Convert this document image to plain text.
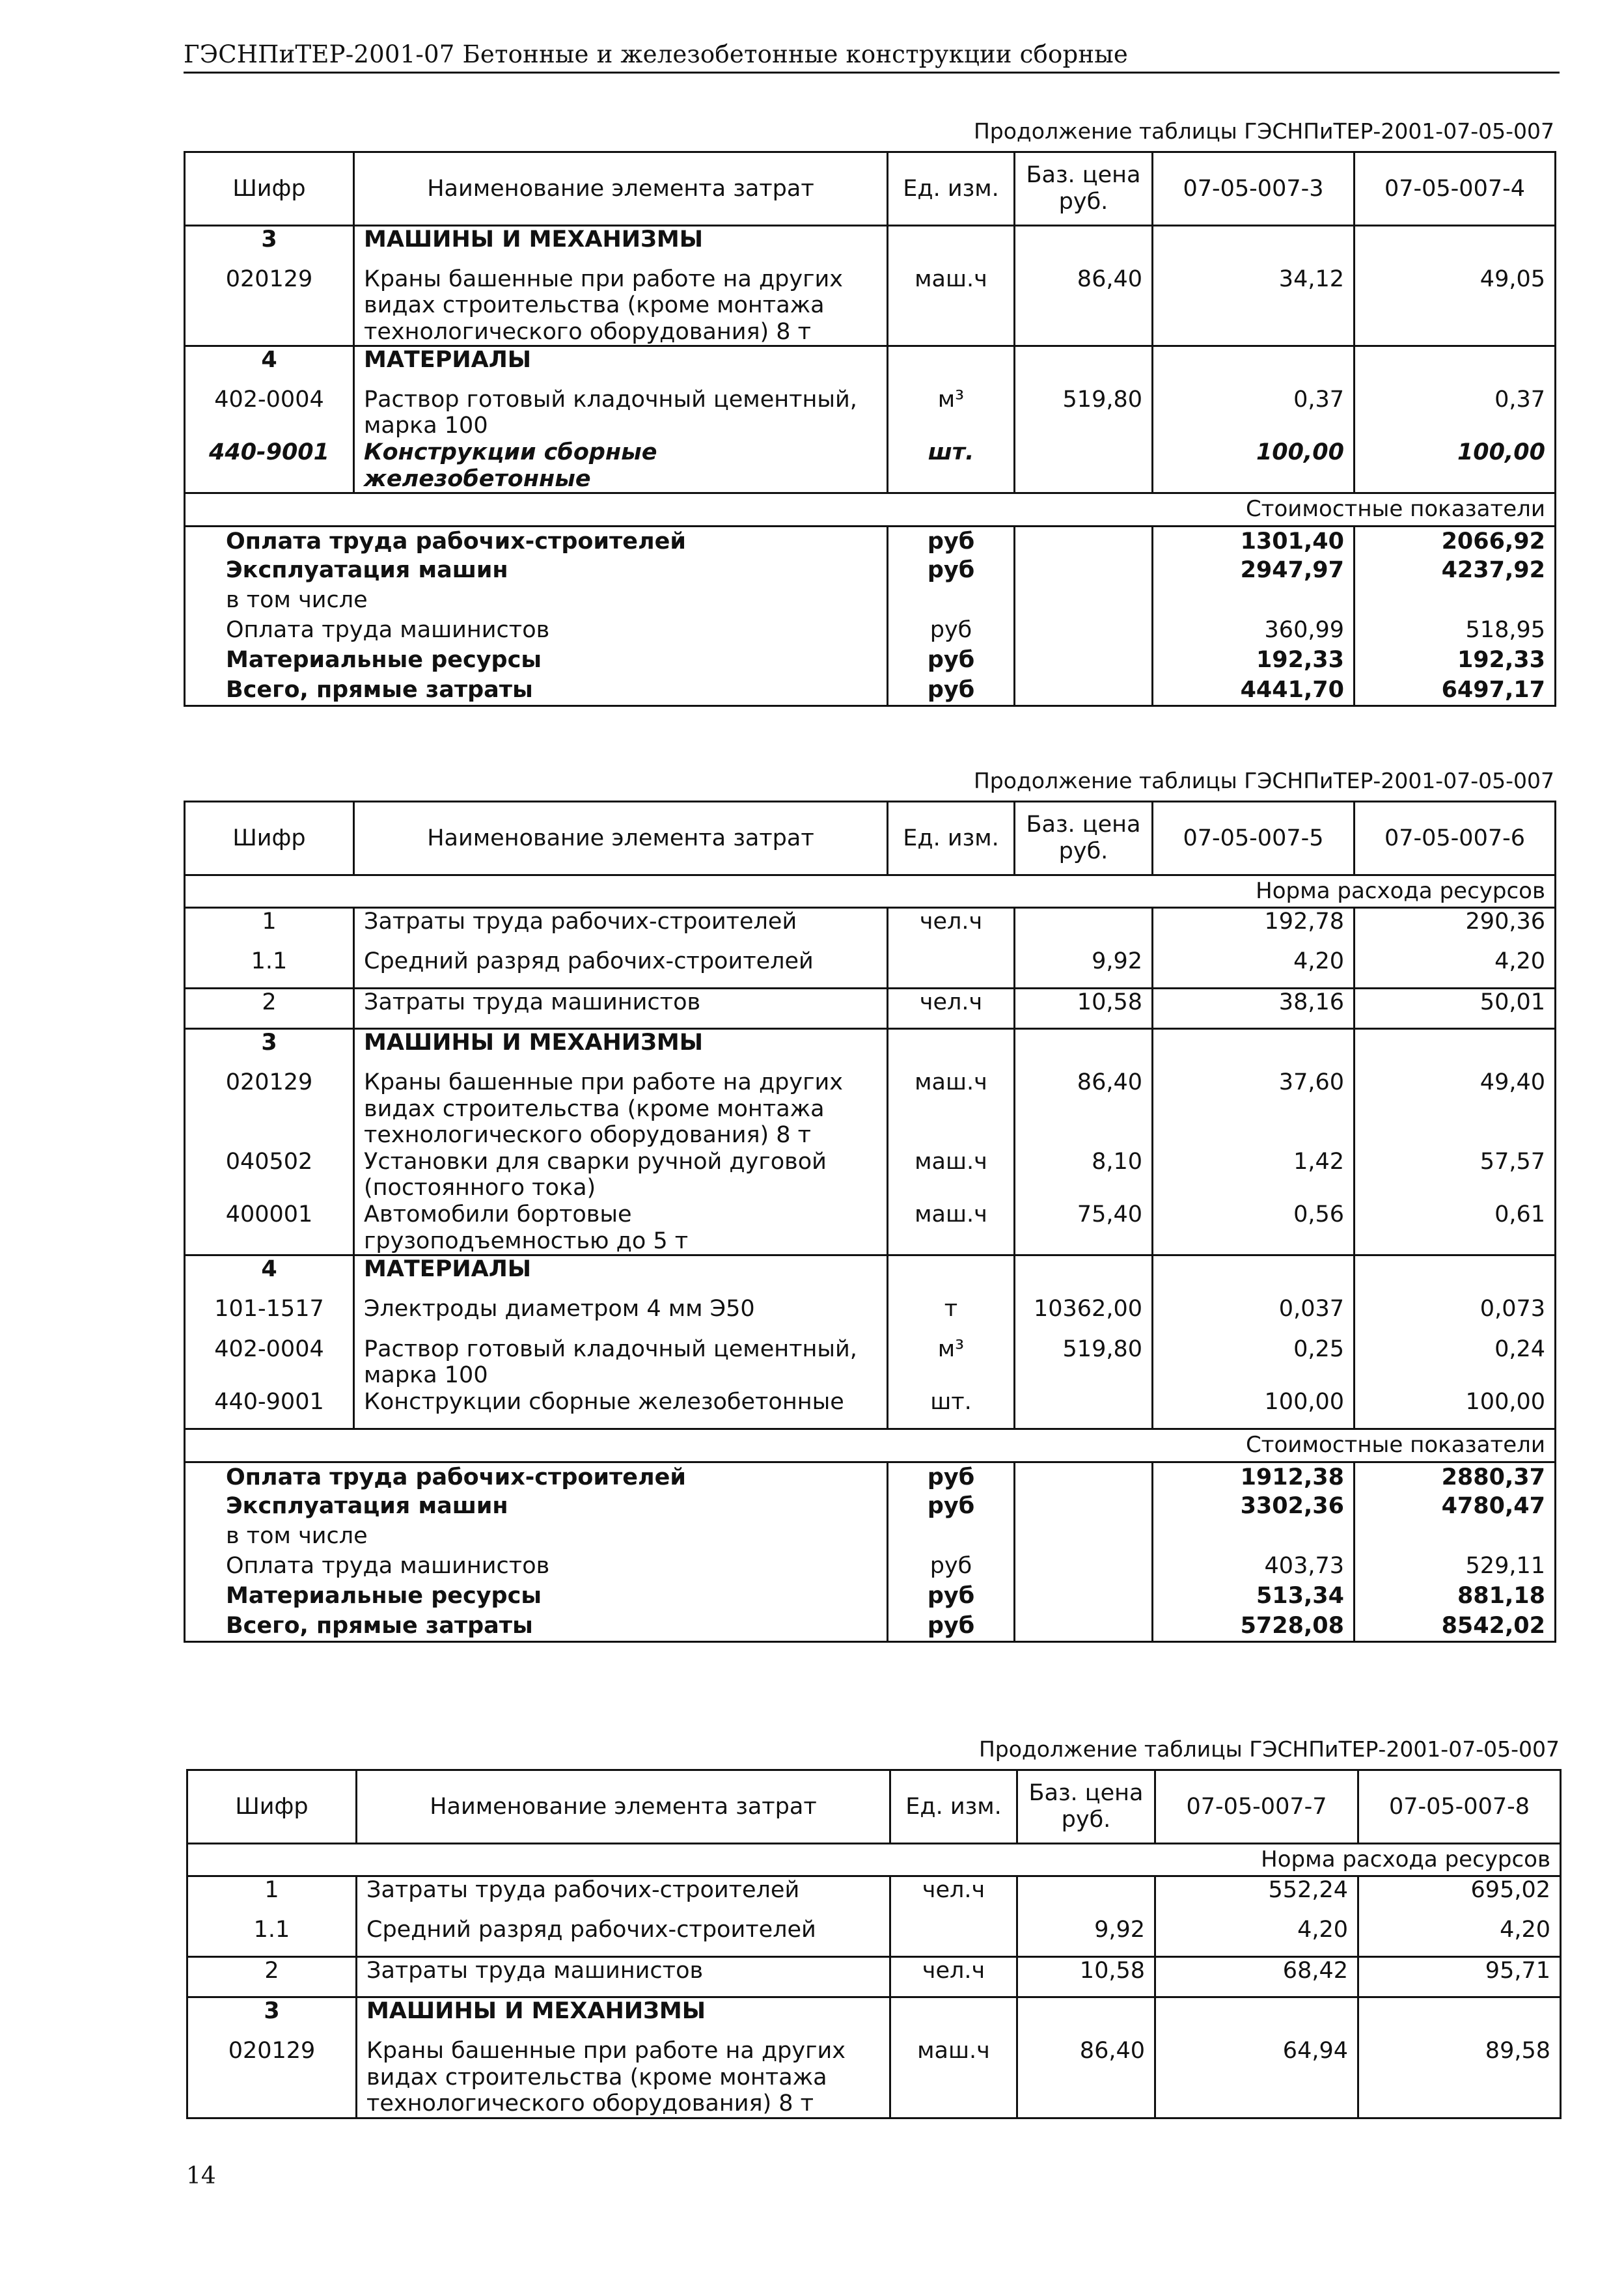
ГЭСНПиТЕР-2001-07 Бетонные и железобетонные конструкции сборные
Продолжение таблицы ГЭСНПиТЕР-2001-07-05-007
Шифр	Наименование элемента затрат	Ед. изм.	Баз. цена руб.	07-05-007-3	07-05-007-4
3	МАШИНЫ И МЕХАНИЗМЫ				
020129	Краны башенные при работе на других видах строительства (кроме монтажа технологического оборудования) 8 т	маш.ч	86,40	34,12	49,05
4	МАТЕРИАЛЫ				
402-0004	Раствор готовый кладочный цементный, марка 100	м³	519,80	0,37	0,37
440-9001	Конструкции сборные железобетонные	шт.		100,00	100,00
Стоимостные показатели					
Оплата труда рабочих-строителей		руб		1301,40	2066,92
Эксплуатация машин		руб		2947,97	4237,92
в том числе					
Оплата труда машинистов		руб		360,99	518,95
Материальные ресурсы		руб		192,33	192,33
Всего, прямые затраты		руб		4441,70	6497,17
Продолжение таблицы ГЭСНПиТЕР-2001-07-05-007
Шифр	Наименование элемента затрат	Ед. изм.	Баз. цена руб.	07-05-007-5	07-05-007-6
Норма расхода ресурсов					
1	Затраты труда рабочих-строителей	чел.ч		192,78	290,36
1.1	Средний разряд рабочих-строителей		9,92	4,20	4,20
2	Затраты труда машинистов	чел.ч	10,58	38,16	50,01
3	МАШИНЫ И МЕХАНИЗМЫ				
020129	Краны башенные при работе на других видах строительства (кроме монтажа технологического оборудования) 8 т	маш.ч	86,40	37,60	49,40
040502	Установки для сварки ручной дуговой (постоянного тока)	маш.ч	8,10	1,42	57,57
400001	Автомобили бортовые грузоподъемностью до 5 т	маш.ч	75,40	0,56	0,61
4	МАТЕРИАЛЫ				
101-1517	Электроды диаметром 4 мм Э50	т	10362,00	0,037	0,073
402-0004	Раствор готовый кладочный цементный, марка 100	м³	519,80	0,25	0,24
440-9001	Конструкции сборные железобетонные	шт.		100,00	100,00
Стоимостные показатели					
Оплата труда рабочих-строителей		руб		1912,38	2880,37
Эксплуатация машин		руб		3302,36	4780,47
в том числе					
Оплата труда машинистов		руб		403,73	529,11
Материальные ресурсы		руб		513,34	881,18
Всего, прямые затраты		руб		5728,08	8542,02
Продолжение таблицы ГЭСНПиТЕР-2001-07-05-007
Шифр	Наименование элемента затрат	Ед. изм.	Баз. цена руб.	07-05-007-7	07-05-007-8
Норма расхода ресурсов					
1	Затраты труда рабочих-строителей	чел.ч		552,24	695,02
1.1	Средний разряд рабочих-строителей		9,92	4,20	4,20
2	Затраты труда машинистов	чел.ч	10,58	68,42	95,71
3	МАШИНЫ И МЕХАНИЗМЫ				
020129	Краны башенные при работе на других видах строительства (кроме монтажа технологического оборудования) 8 т	маш.ч	86,40	64,94	89,58
14
